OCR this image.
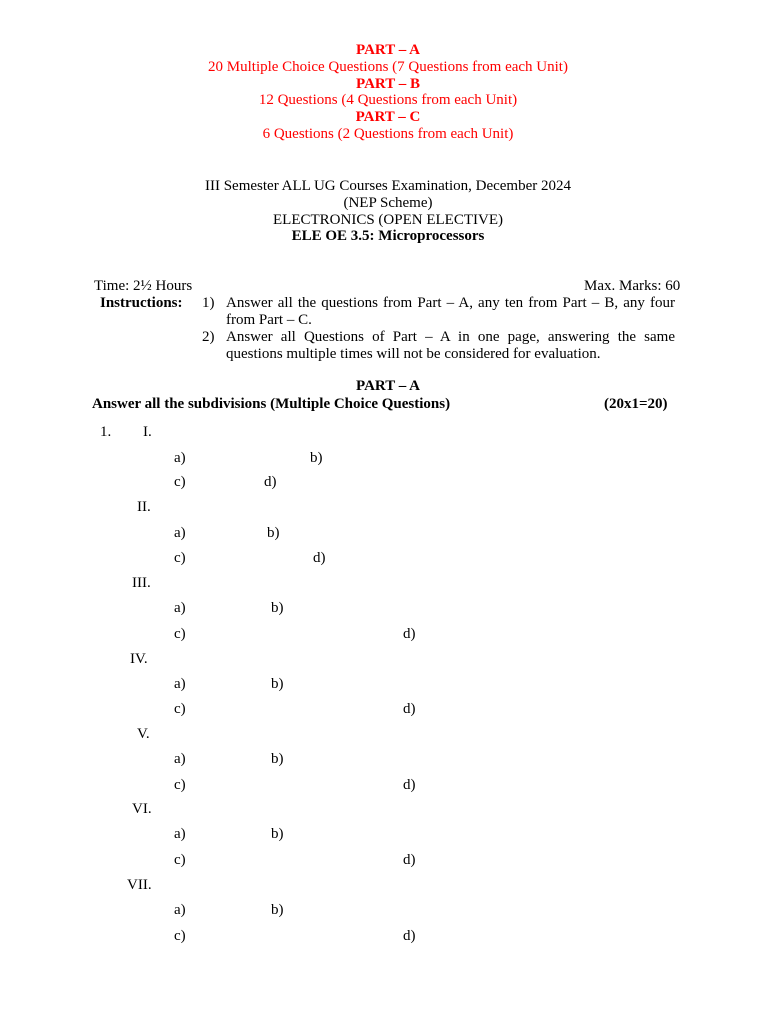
PART – A
20 Multiple Choice Questions (7 Questions from each Unit)
PART – B
12 Questions (4 Questions from each Unit)
PART – C
6 Questions (2 Questions from each Unit)
III Semester ALL UG Courses Examination, December 2024
(NEP Scheme)
ELECTRONICS (OPEN ELECTIVE)
ELE OE 3.5: Microprocessors
Time: 2½ Hours	Max. Marks: 60
Instructions: 1) Answer all the questions from Part – A, any ten from Part – B, any four
from Part – C.
2) Answer all Questions of Part – A in one page, answering the same
questions multiple times will not be considered for evaluation.
PART – A
Answer all the subdivisions (Multiple Choice Questions)	(20x1=20)
1. I.
a)	b)
c)	d)
II.
a)	b)
c)	d)
III.
a)	b)
c)	d)
IV.
a)	b)
c)	d)
V.
a)	b)
c)	d)
VI.
a)	b)
c)	d)
VII.
a)	b)
c)	d)
